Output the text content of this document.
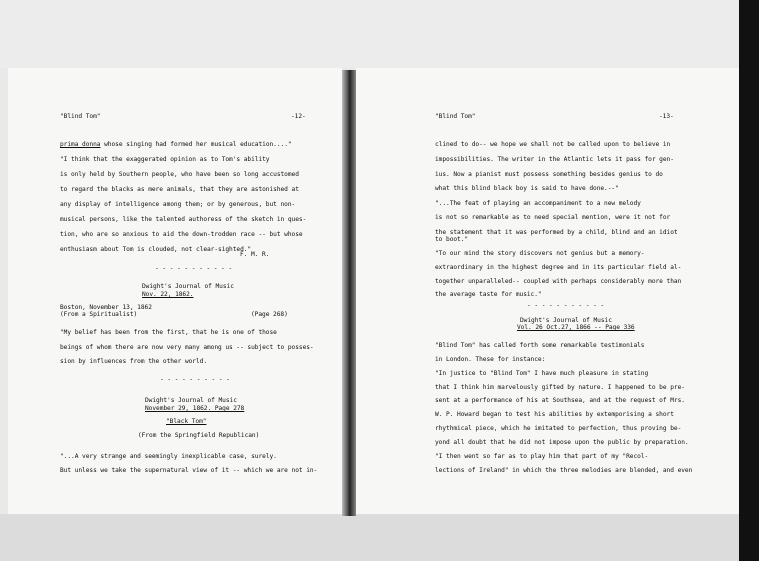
"Blind Tom"	-12-
prima donna whose singing had formed her musical education...."
"I think that the exaggerated opinion as to Tom's ability
is only held by Southern people, who have been so long accustomed
to regard the blacks as mere animals, that they are astonished at
any display of intelligence among them; or by generous, but non-
musical persons, like the talented authoress of the sketch in ques-
tion, who are so anxious to aid the down-trodden race -- but whose
enthusiasm about Tom is clouded, not clear-sighted."
F. M. R.
- - - - - - - - - - -
Dwight's Journal of Music
Nov. 22, 1862.
Boston, November 13, 1862
(From a Spiritualist)	(Page 268)
"My belief has been from the first, that he is one of those
beings of whom there are now very many among us -- subject to posses-
sion by influences from the other world.
- - - - - - - - - -
Dwight's Journal of Music
November 29, 1862. Page 278
"Black Tom"
(From the Springfield Republican)
"...A very strange and seemingly inexplicable case, surely.
But unless we take the supernatural view of it -- which we are not in-
"Blind Tom"	-13-
clined to do-- we hope we shall not be called upon to believe in
impossibilities. The writer in the Atlantic lets it pass for gen-
ius. Now a pianist must possess something besides genius to do
what this blind black boy is said to have done.--"
"...The feat of playing an accompaniment to a new melody
is not so remarkable as to need special mention, were it not for
the statement that it was performed by a child, blind and an idiot
to boot."
"To our mind the story discovers not genius but a memory-
extraordinary in the highest degree and in its particular field al-
together unparalleled-- coupled with perhaps considerably more than
the average taste for music."
- - - - - - - - - - -
Dwight's Journal of Music
Vol. 26 Oct.27, 1866 -- Page 336
"Blind Tom" has called forth some remarkable testimonials
in London. These for instance:
"In justice to "Blind Tom" I have much pleasure in stating
that I think him marvelously gifted by nature. I happened to be pre-
sent at a performance of his at Southsea, and at the request of Mrs.
W. P. Howard began to test his abilities by extemporising a short
rhythmical piece, which he imitated to perfection, thus proving be-
yond all doubt that he did not impose upon the public by preparation.
"I then went so far as to play him that part of my "Recol-
lections of Ireland" in which the three melodies are blended, and even
